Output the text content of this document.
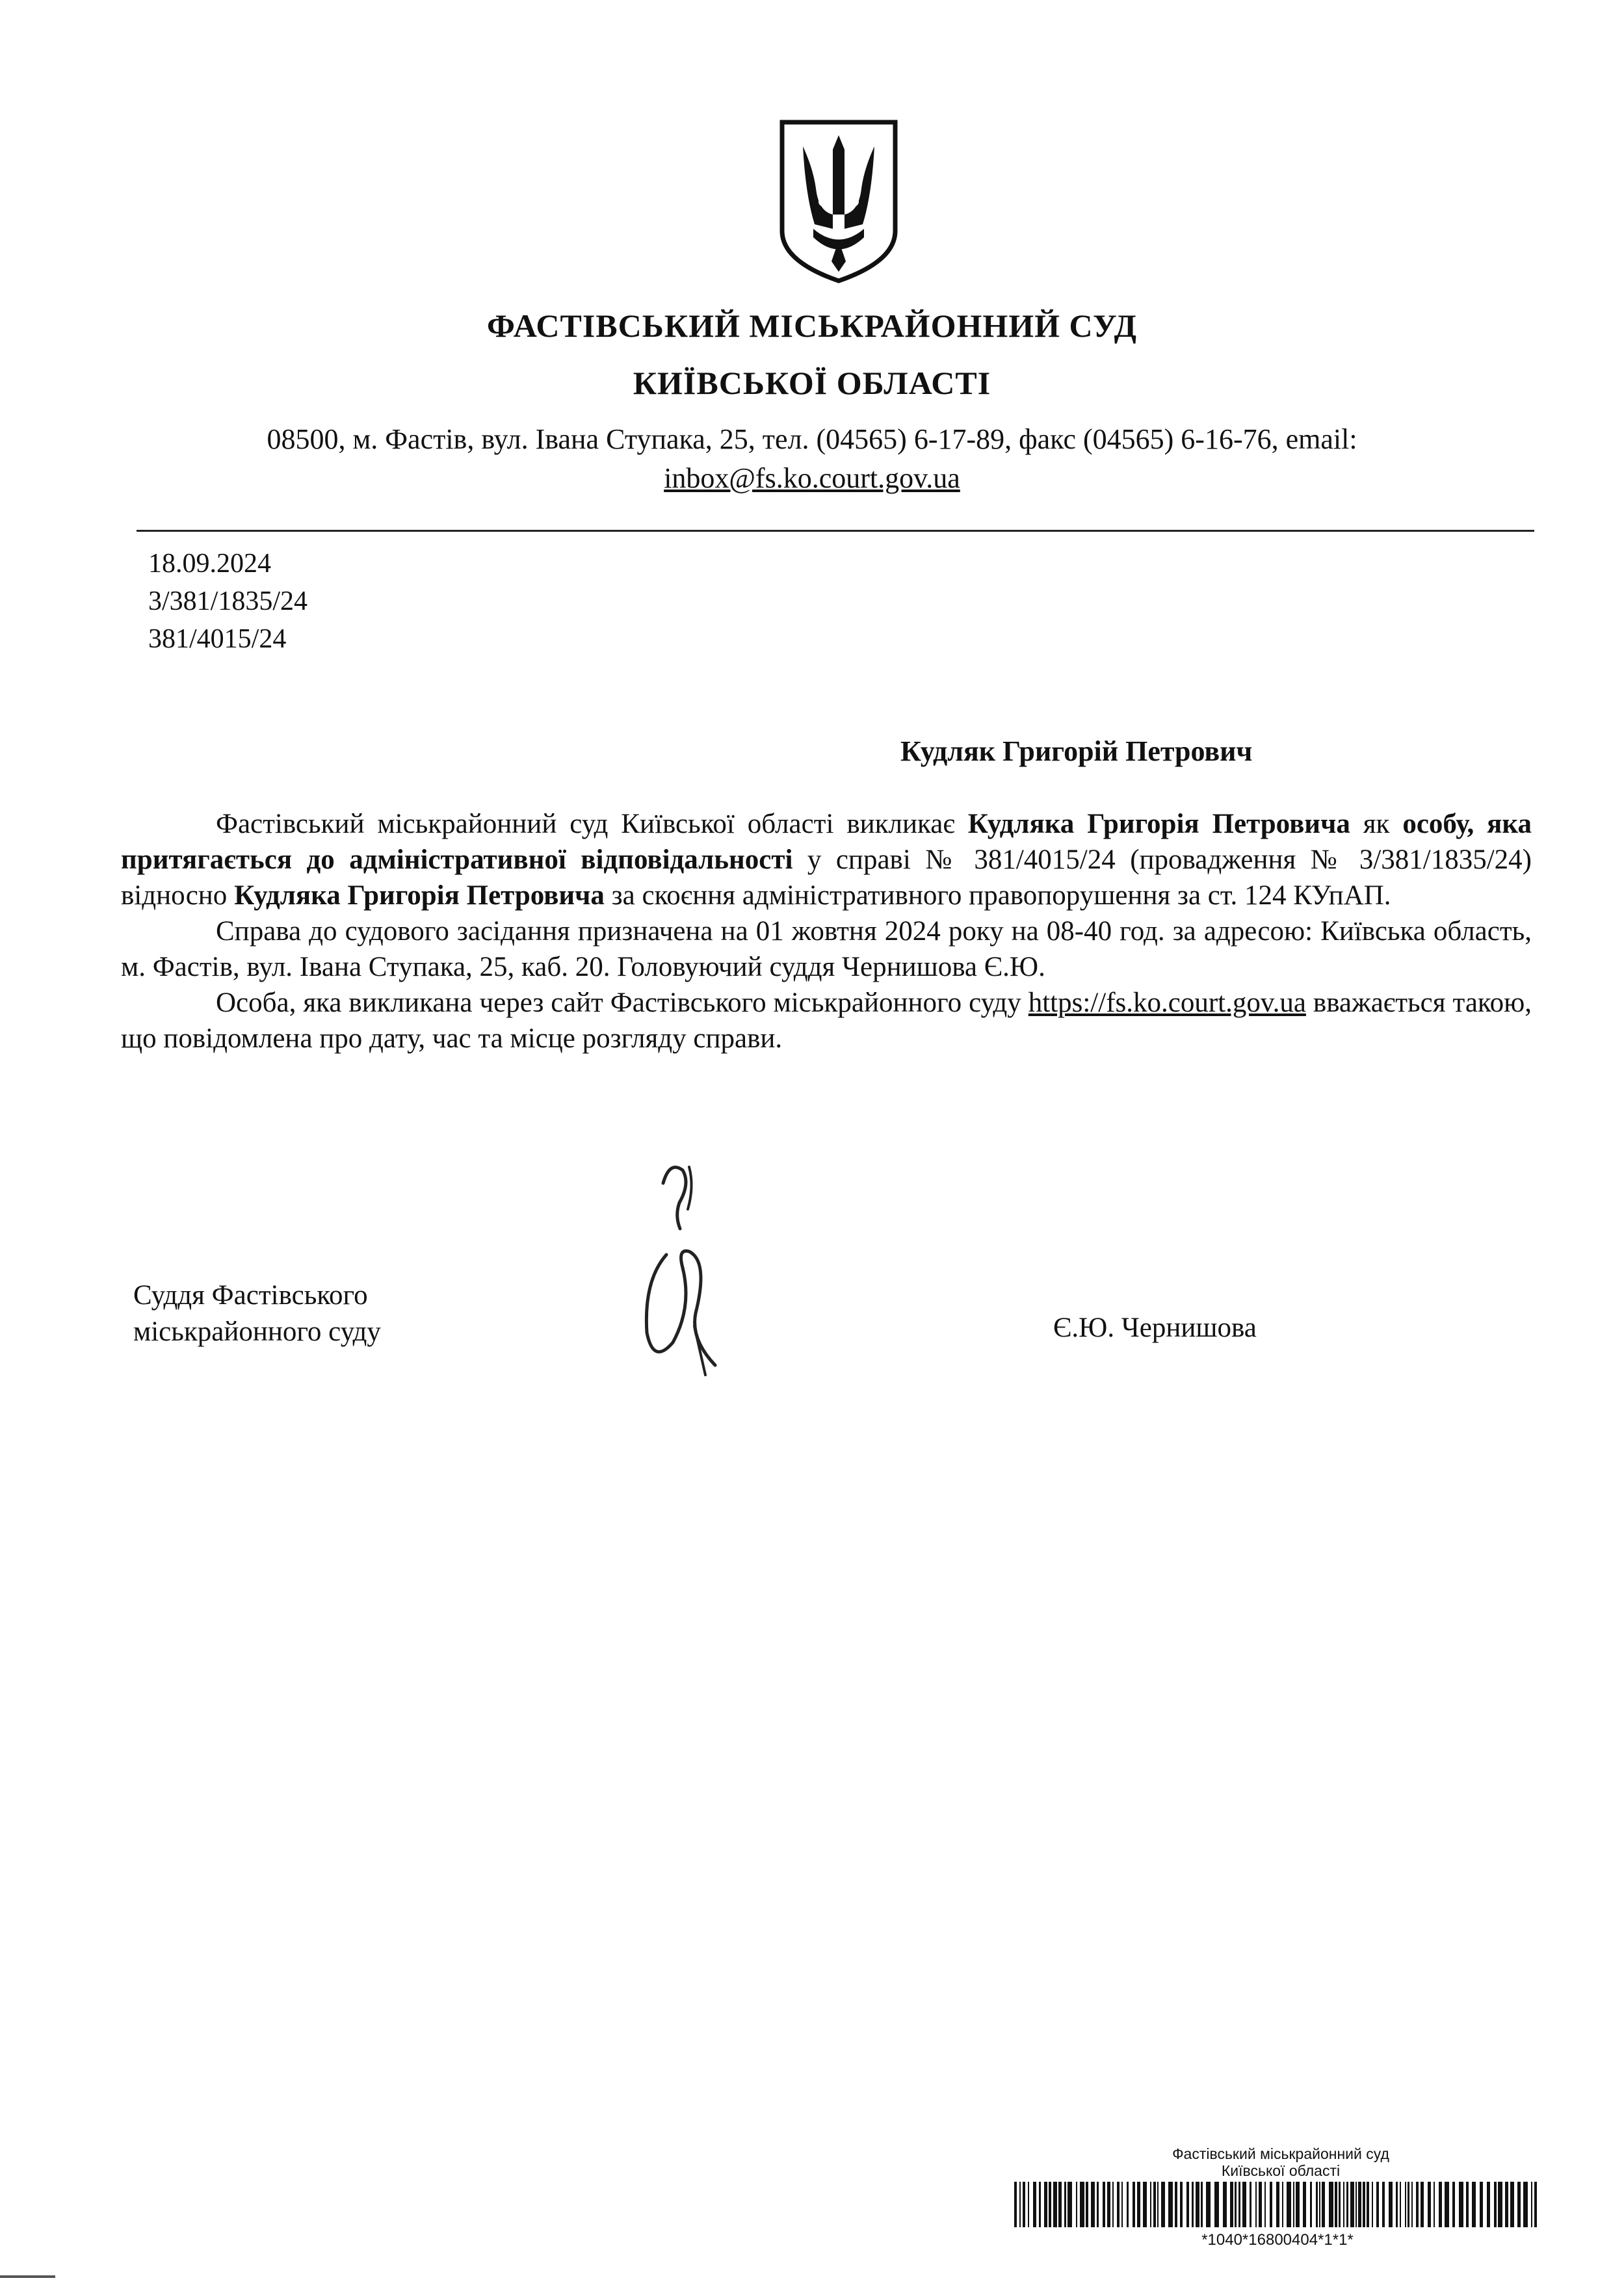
ФАСТІВСЬКИЙ МІСЬКРАЙОННИЙ СУД
КИЇВСЬКОЇ ОБЛАСТІ
08500, м. Фастів, вул. Івана Ступака, 25, тел. (04565) 6-17-89, факс (04565) 6-16-76, email:
inbox@fs.ko.court.gov.ua
18.09.2024
3/381/1835/24
381/4015/24
Кудляк Григорій Петрович

Фастівський міськрайонний суд Київської області викликає Кудляка Григорія Петровича як особу, яка притягається до адміністративної відповідальності у справі № 381/4015/24 (провадження № 3/381/1835/24) відносно Кудляка Григорія Петровича за скоєння адміністративного правопорушення за ст. 124 КУпАП.

Справа до судового засідання призначена на 01 жовтня 2024 року на 08-40 год. за адресою: Київська область, м. Фастів, вул. Івана Ступака, 25, каб. 20. Головуючий суддя Чернишова Є.Ю.

Особа, яка викликана через сайт Фастівського міськрайонного суду https://fs.ko.court.gov.ua вважається такою, що повідомлена про дату, час та місце розгляду справи.

Суддя Фастівського
міськрайонного суду	Є.Ю. Чернишова
Фастівський міськрайонний суд
Київської області
*1040*16800404*1*1*
